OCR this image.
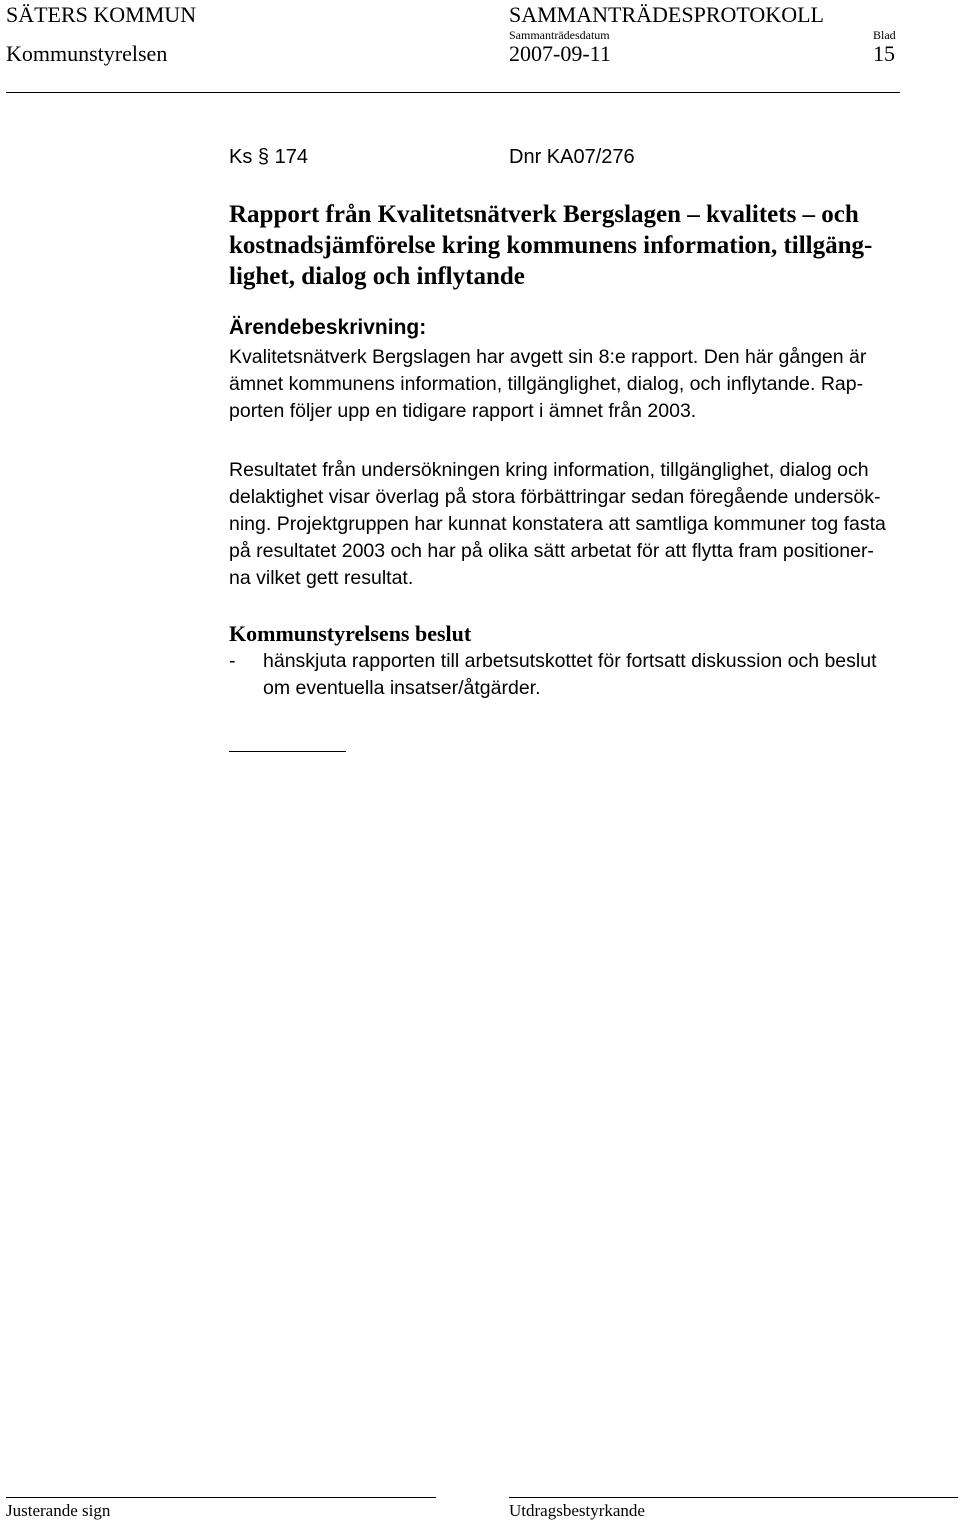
SÄTERS KOMMUN	SAMMANTRÄDESPROTOKOLL
Kommunstyrelsen
Sammanträdesdatum
2007-09-11
Blad
15
Ks § 174	Dnr KA07/276
Rapport från Kvalitetsnätverk Bergslagen – kvalitets – och
kostnadsjämförelse kring kommunens information, tillgäng-
lighet, dialog och inflytande
Ärendebeskrivning:
Kvalitetsnätverk Bergslagen har avgett sin 8:e rapport. Den här gången är
ämnet kommunens information, tillgänglighet, dialog, och inflytande. Rap-
porten följer upp en tidigare rapport i ämnet från 2003.
Resultatet från undersökningen kring information, tillgänglighet, dialog och
delaktighet visar överlag på stora förbättringar sedan föregående undersök-
ning. Projektgruppen har kunnat konstatera att samtliga kommuner tog fasta
på resultatet 2003 och har på olika sätt arbetat för att flytta fram positioner-
na vilket gett resultat.
Kommunstyrelsens beslut
- hänskjuta rapporten till arbetsutskottet för fortsatt diskussion och beslut
om eventuella insatser/åtgärder.
Justerande sign	Utdragsbestyrkande
